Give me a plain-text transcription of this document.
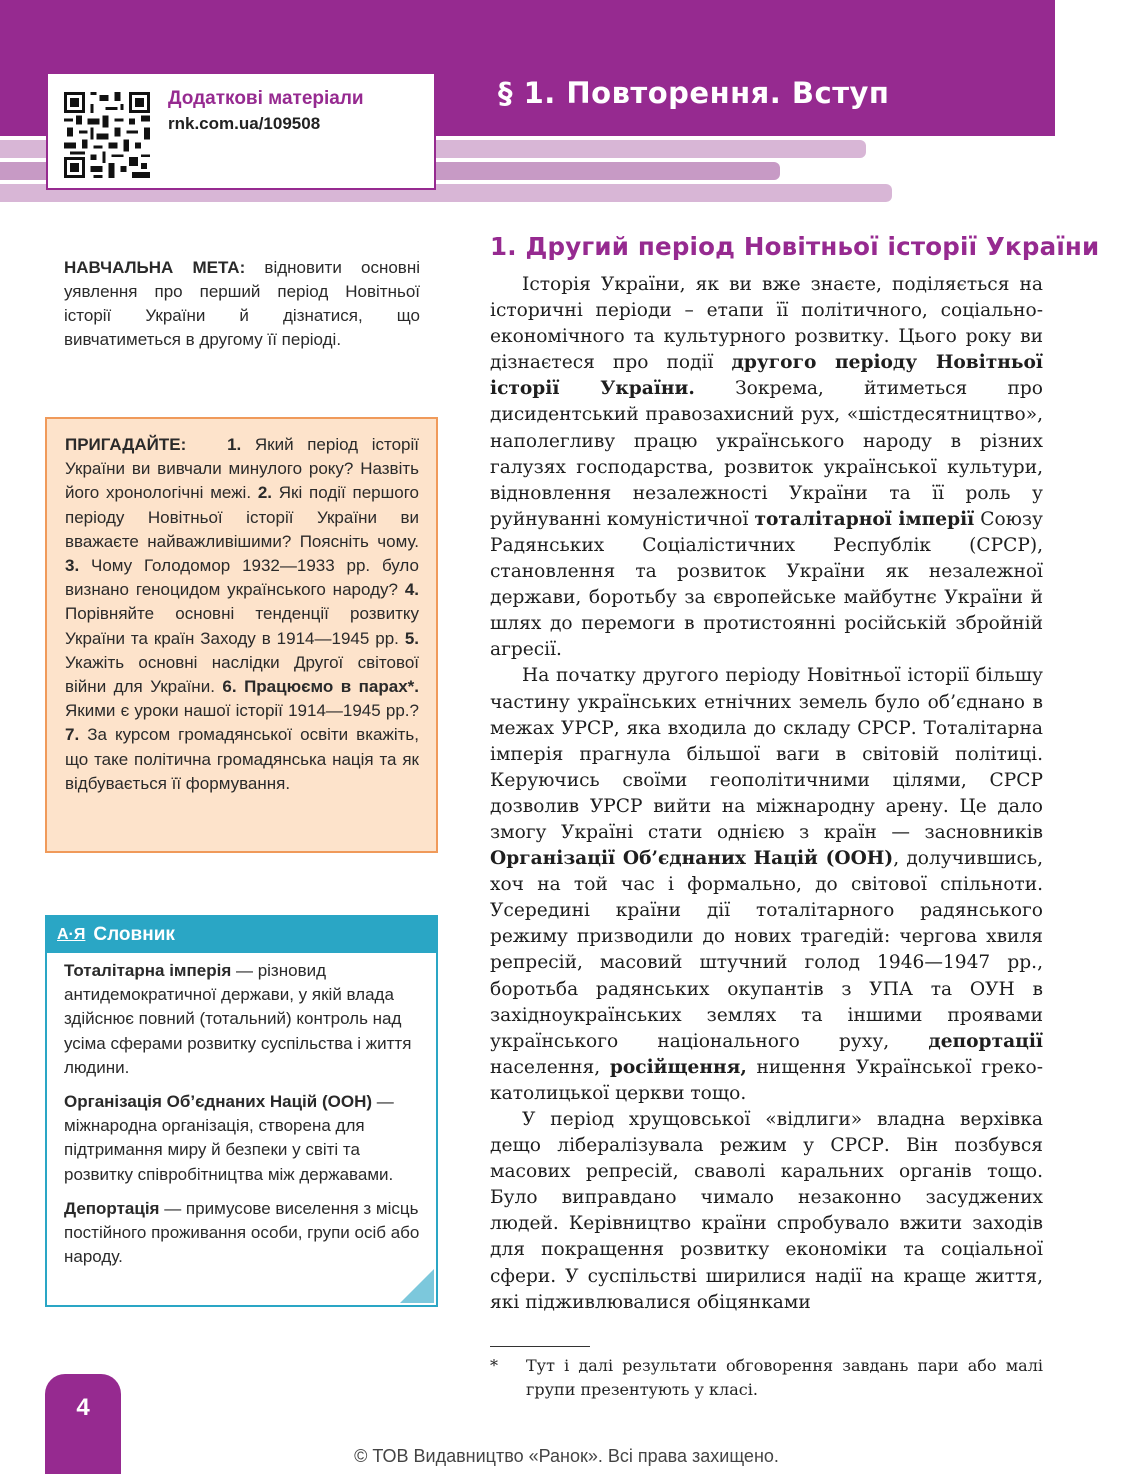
Додаткові матеріали
rnk.com.ua/109508
§ 1. Повторення. Вступ
НАВЧАЛЬНА МЕТА: відновити основні уявлення про перший період Новітньої історії України й дізнатися, що вивчатиметься в другому її періоді.
ПРИГАДАЙТЕ: 1. Який період історії України ви вивчали минулого року? Назвіть його хронологічні межі. 2. Які події першого періоду Новітньої історії України ви вважаєте найважливішими? Поясніть чому. 3. Чому Голодомор 1932—1933 рр. було визнано геноцидом українського народу? 4. Порівняйте основні тенденції розвитку України та країн Заходу в 1914—1945 рр. 5. Укажіть основні наслідки Другої світової війни для України. 6. Працюємо в парах*. Якими є уроки нашої історії 1914—1945 рр.? 7. За курсом громадянської освіти вкажіть, що таке політична громадянська нація та як відбувається її формування.
А·Я Словник
Тоталітарна імперія — різновид антидемократичної держави, у якій влада здійснює повний (тотальний) контроль над усіма сферами розвитку суспільства і життя людини.
Організація Об’єднаних Націй (ООН) — міжнародна організація, створена для підтримання миру й безпеки у світі та розвитку співробітництва між державами.
Депортація — примусове виселення з місць постійного проживання особи, групи осіб або народу.
1. Другий період Новітньої історії України

Історія України, як ви вже знаєте, поділяється на історичні періоди – етапи її політичного, соціально-економічного та культурного розвитку. Цього року ви дізнаєтеся про події другого періоду Новітньої історії України. Зокрема, йтиметься про дисидентський правозахисний рух, «шістдесятництво», наполегливу працю українського народу в різних галузях господарства, розвиток української культури, відновлення незалежності України та її роль у руйнуванні комуністичної тоталітарної імперії Союзу Радянських Соціалістичних Республік (СРСР), становлення та розвиток України як незалежної держави, боротьбу за європейське майбутнє України й шлях до перемоги в протистоянні російській збройній агресії.

На початку другого періоду Новітньої історії більшу частину українських етнічних земель було об’єднано в межах УРСР, яка входила до складу СРСР. Тоталітарна імперія прагнула більшої ваги в світовій політиці. Керуючись своїми геополітичними цілями, СРСР дозволив УРСР вийти на міжнародну арену. Це дало змогу Україні стати однією з країн — засновників Організації Об’єднаних Націй (ООН), долучившись, хоч на той час і формально, до світової спільноти. Усередині країни дії тоталітарного радянського режиму призводили до нових трагедій: чергова хвиля репресій, масовий штучний голод 1946—1947 рр., боротьба радянських окупантів з УПА та ОУН в західноукраїнських землях та іншими проявами українського національного руху, депортації населення, російщення, нищення Української греко-католицької церкви тощо.

У період хрущовської «відлиги» владна верхівка дещо лібералізувала режим у СРСР. Він позбувся масових репресій, сваволі каральних органів тощо. Було виправдано чимало незаконно засуджених людей. Керівництво країни спробувало вжити заходів для покращення розвитку економіки та соціальної сфери. У суспільстві ширилися надії на краще життя, які підживлювалися обіцянками

*	Тут і далі результати обговорення завдань пари або малі групи презентують у класі.
4
© ТОВ Видавництво «Ранок». Всі права захищено.
